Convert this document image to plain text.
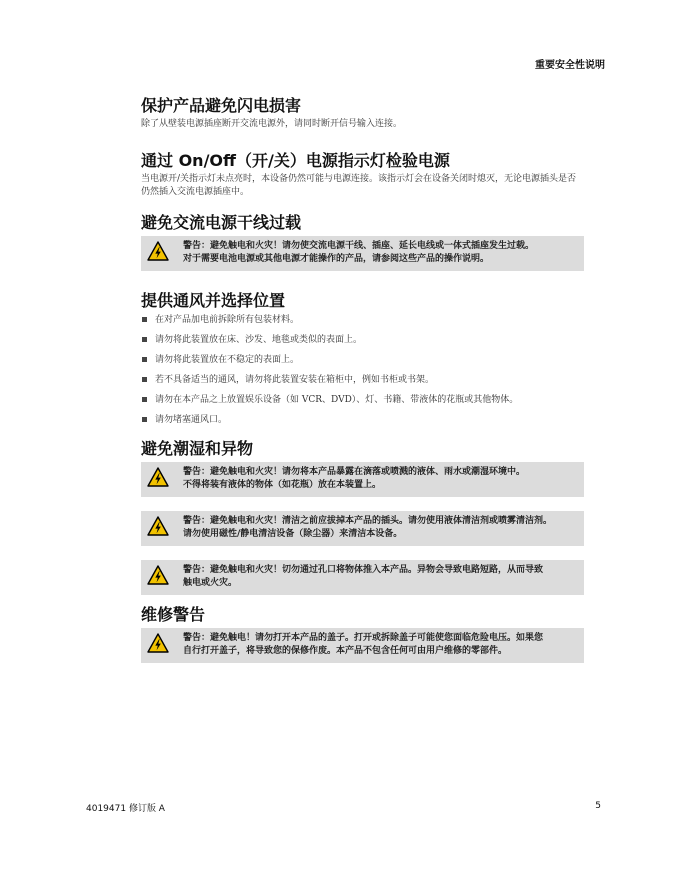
重要安全性说明
保护产品避免闪电损害
除了从壁装电源插座断开交流电源外，请同时断开信号输入连接。
通过 On/Off（开/关）电源指示灯检验电源
当电源开/关指示灯未点亮时，本设备仍然可能与电源连接。该指示灯会在设备关闭时熄灭，无论电源插头是否仍然插入交流电源插座中。
避免交流电源干线过载
警告：避免触电和火灾！请勿使交流电源干线、插座、延长电线或一体式插座发生过载。
对于需要电池电源或其他电源才能操作的产品，请参阅这些产品的操作说明。
提供通风并选择位置
在对产品加电前拆除所有包装材料。
请勿将此装置放在床、沙发、地毯或类似的表面上。
请勿将此装置放在不稳定的表面上。
若不具备适当的通风，请勿将此装置安装在箱柜中，例如书柜或书架。
请勿在本产品之上放置娱乐设备（如 VCR、DVD）、灯、书籍、带液体的花瓶或其他物体。
请勿堵塞通风口。
避免潮湿和异物
警告：避免触电和火灾！请勿将本产品暴露在滴落或喷溅的液体、雨水或潮湿环境中。
不得将装有液体的物体（如花瓶）放在本装置上。
警告：避免触电和火灾！清洁之前应拔掉本产品的插头。请勿使用液体清洁剂或喷雾清洁剂。
请勿使用磁性/静电清洁设备（除尘器）来清洁本设备。
警告：避免触电和火灾！切勿通过孔口将物体推入本产品。异物会导致电路短路，从而导致
触电或火灾。
维修警告
警告：避免触电！请勿打开本产品的盖子。打开或拆除盖子可能使您面临危险电压。如果您
自行打开盖子，将导致您的保修作废。本产品不包含任何可由用户维修的零部件。
4019471 修订版 A	5
